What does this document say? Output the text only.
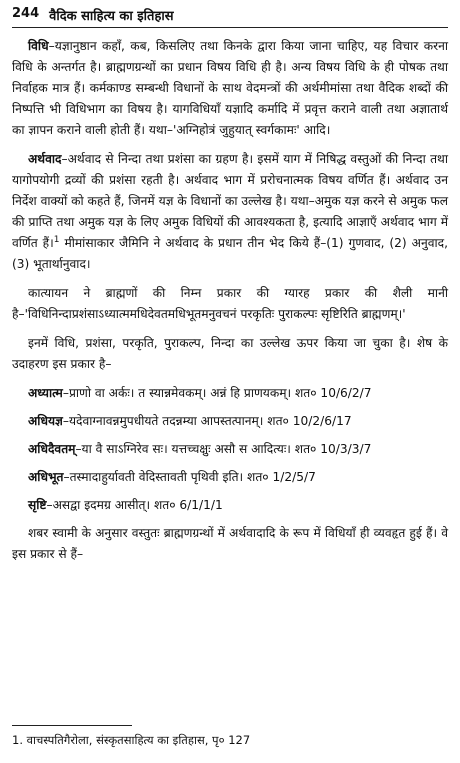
244 वैदिक साहित्य का इतिहास

विधि–यज्ञानुष्ठान कहाँ, कब, किसलिए तथा किनके द्वारा किया जाना चाहिए, यह विचार करना विधि के अन्तर्गत है। ब्राह्मणग्रन्थों का प्रधान विषय विधि ही है। अन्य विषय विधि के ही पोषक तथा निर्वाहक मात्र हैं। कर्मकाण्ड सम्बन्धी विधानों के साथ वेदमन्त्रों की अर्थमीमांसा तथा वैदिक शब्दों की निष्पत्ति भी विधिभाग का विषय है। यागविधियाँ यज्ञादि कर्मादि में प्रवृत्त कराने वाली तथा अज्ञातार्थ का ज्ञापन कराने वाली होती हैं। यथा–'अग्निहोत्रं जुहुयात् स्वर्गकामः' आदि।

अर्थवाद–अर्थवाद से निन्दा तथा प्रशंसा का ग्रहण है। इसमें याग में निषिद्ध वस्तुओं की निन्दा तथा यागोपयोगी द्रव्यों की प्रशंसा रहती है। अर्थवाद भाग में प्ररोचनात्मक विषय वर्णित हैं। अर्थवाद उन निर्देश वाक्यों को कहते हैं, जिनमें यज्ञ के विधानों का उल्लेख है। यथा–अमुक यज्ञ करने से अमुक फल की प्राप्ति तथा अमुक यज्ञ के लिए अमुक विधियों की आवश्यकता है, इत्यादि आज्ञाएँ अर्थवाद भाग में वर्णित हैं।$^1$ मीमांसाकार जैमिनि ने अर्थवाद के प्रधान तीन भेद किये हैं–(1) गुणवाद, (2) अनुवाद, (3) भूतार्थानुवाद।

कात्यायन ने ब्राह्मणों की निम्न प्रकार की ग्यारह प्रकार की शैली मानी है–'विधिनिन्दाप्रशंसाऽध्यात्ममधिदेवतमधिभूतमनुवचनं परकृतिः पुराकल्पः सृष्टिरिति ब्राह्मणम्।'

इनमें विधि, प्रशंसा, परकृति, पुराकल्प, निन्दा का उल्लेख ऊपर किया जा चुका है। शेष के उदाहरण इस प्रकार है–

अध्यात्म–प्राणो वा अर्कः। त स्यान्नमेवकम्। अन्नं हि प्राणयकम्। शत० 10/6/2/7

अधियज्ञ–यदेवाग्नावन्नमुपधीयते तदन्नम्या आपस्तत्पानम्। शत० 10/2/6/17

अधिदैवतम्–या वै साऽग्निरेव सः। यत्तच्चक्षुः असौ स आदित्यः। शत० 10/3/3/7

अधिभूत–तस्मादाहुर्यावती वेदिस्तावती पृथिवी इति। शत० 1/2/5/7

सृष्टि–असद्वा इदमग्र आसीत्। शत० 6/1/1/1

शबर स्वामी के अनुसार वस्तुतः ब्राह्मणग्रन्थों में अर्थवादादि के रूप में विधियाँ ही व्यवहृत हुई हैं। वे इस प्रकार से हैं–

1. वाचस्पतिगैरोला, संस्कृतसाहित्य का इतिहास, पृ० 127
